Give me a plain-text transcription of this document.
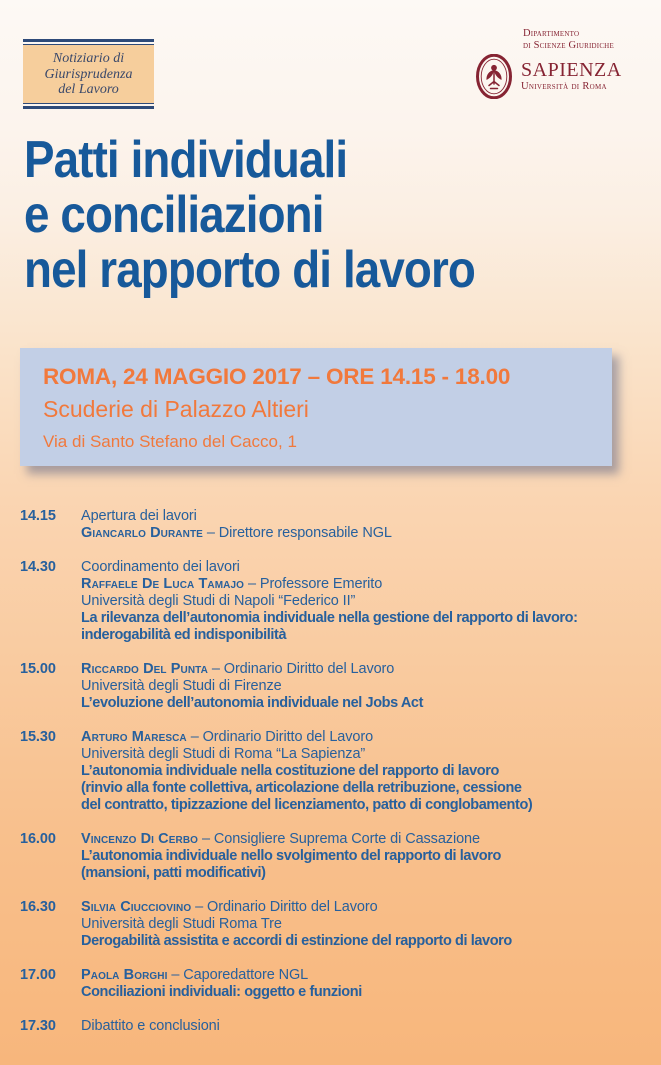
Notiziario di
Giurisprudenza
del Lavoro
Dipartimento
di Scienze Giuridiche
SAPIENZA
Università di Roma
Patti individuali
e conciliazioni
nel rapporto di lavoro
ROMA, 24 MAGGIO 2017 – ORE 14.15 - 18.00
Scuderie di Palazzo Altieri
Via di Santo Stefano del Cacco, 1
14.15	Apertura dei lavori
Giancarlo Durante – Direttore responsabile NGL
14.30	Coordinamento dei lavori
Raffaele De Luca Tamajo – Professore Emerito
Università degli Studi di Napoli “Federico II”
La rilevanza dell’autonomia individuale nella gestione del rapporto di lavoro:
inderogabilità ed indisponibilità
15.00	Riccardo Del Punta – Ordinario Diritto del Lavoro
Università degli Studi di Firenze
L’evoluzione dell’autonomia individuale nel Jobs Act
15.30	Arturo Maresca – Ordinario Diritto del Lavoro
Università degli Studi di Roma “La Sapienza”
L’autonomia individuale nella costituzione del rapporto di lavoro
(rinvio alla fonte collettiva, articolazione della retribuzione, cessione
del contratto, tipizzazione del licenziamento, patto di conglobamento)
16.00	Vincenzo Di Cerbo – Consigliere Suprema Corte di Cassazione
L’autonomia individuale nello svolgimento del rapporto di lavoro
(mansioni, patti modificativi)
16.30	Silvia Ciucciovino – Ordinario Diritto del Lavoro
Università degli Studi Roma Tre
Derogabilità assistita e accordi di estinzione del rapporto di lavoro
17.00	Paola Borghi – Caporedattore NGL
Conciliazioni individuali: oggetto e funzioni
17.30	Dibattito e conclusioni
